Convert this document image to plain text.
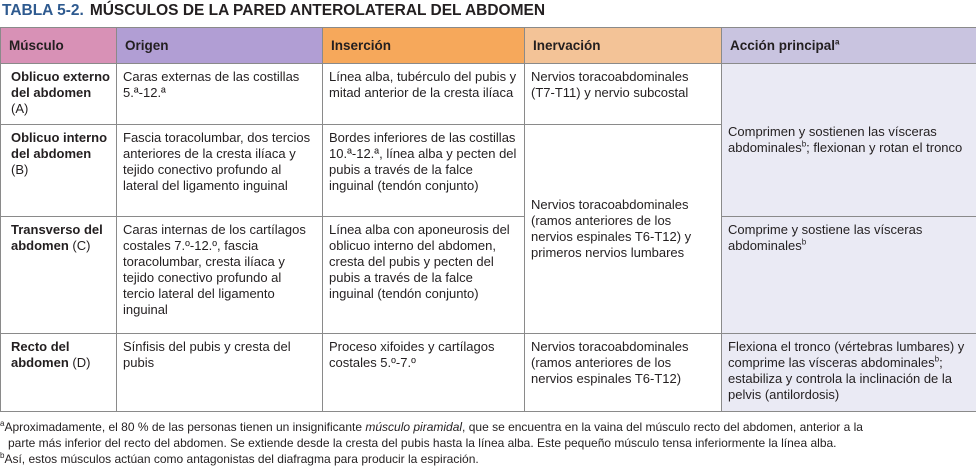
TABLA 5-2. MÚSCULOS DE LA PARED ANTEROLATERAL DEL ABDOMEN
Músculo	Origen	Inserción	Inervación	Acción principal$^a$
Oblicuo externo del abdomen (A)	Caras externas de las costillas 5.ª-12.ª	Línea alba, tubérculo del pubis y mitad anterior de la cresta ilíaca	Nervios toracoabdominales (T7-T11) y nervio subcostal	Comprimen y sostienen las vísceras abdominales$^b$; flexionan y rotan el tronco
Oblicuo interno del abdomen (B)	Fascia toracolumbar, dos tercios anteriores de la cresta ilíaca y tejido conectivo profundo al lateral del ligamento inguinal	Bordes inferiores de las costillas 10.ª-12.ª, línea alba y pecten del pubis a través de la falce inguinal (tendón conjunto)	Nervios toracoabdominales (ramos anteriores de los nervios espinales T6-T12) y primeros nervios lumbares	
Transverso del abdomen (C)	Caras internas de los cartílagos costales 7.º-12.º, fascia toracolumbar, cresta ilíaca y tejido conectivo profundo al tercio lateral del ligamento inguinal	Línea alba con aponeurosis del oblicuo interno del abdomen, cresta del pubis y pecten del pubis a través de la falce inguinal (tendón conjunto)		Comprime y sostiene las vísceras abdominales$^b$
Recto del abdomen (D)	Sínfisis del pubis y cresta del pubis	Proceso xifoides y cartílagos costales 5.º-7.º	Nervios toracoabdominales (ramos anteriores de los nervios espinales T6-T12)	Flexiona el tronco (vértebras lumbares) y comprime las vísceras abdominales$^b$; estabiliza y controla la inclinación de la pelvis (antilordosis)

$^a$Aproximadamente, el 80 % de las personas tienen un insignificante músculo piramidal, que se encuentra en la vaina del músculo recto del abdomen, anterior a la

parte más inferior del recto del abdomen. Se extiende desde la cresta del pubis hasta la línea alba. Este pequeño músculo tensa inferiormente la línea alba.

$^b$Así, estos músculos actúan como antagonistas del diafragma para producir la espiración.
